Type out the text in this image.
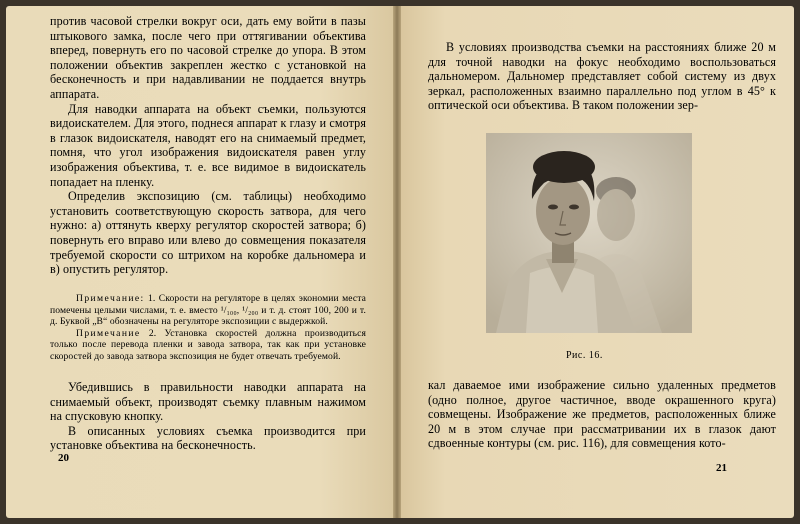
против часовой стрелки вокруг оси, дать ему войти в пазы штыкового замка, после чего при оттягивании объектива вперед, повернуть его по часовой стрелке до упора. В этом положении объектив закреплен жестко с установкой на бесконечность и при надавливании не поддается внутрь аппарата.

Для наводки аппарата на объект съемки, пользуются видоискателем. Для этого, поднеся аппарат к глазу и смотря в глазок видоискателя, наводят его на снимаемый предмет, помня, что угол изображения видоискателя равен углу изображения объектива, т. е. все видимое в видоискатель попадает на пленку.

Определив экспозицию (см. таблицы) необходимо установить соответствующую скорость затвора, для чего нужно: а) оттянуть кверху регулятор скоростей затвора; б) повернуть его вправо или влево до совмещения показателя требуемой скорости со штрихом на коробке дальномера и в) опустить регулятор.

Примечание: 1. Скорости на регуляторе в целях экономии места помечены целыми числами, т. е. вместо ¹/₁₀₀, ¹/₂₀₀ и т. д. стоят 100, 200 и т. д. Буквой „В“ обозначены на регуляторе экспозиции с выдержкой.

Примечание 2. Установка скоростей должна производиться только после перевода пленки и завода затвора, так как при установке скоростей до завода затвора экспозиция не будет отвечать требуемой.

Убедившись в правильности наводки аппарата на снимаемый объект, производят съемку плавным нажимом на спусковую кнопку.

В описанных условиях съемка производится при установке объектива на бесконечность.

20

В условиях производства съемки на расстояниях ближе 20 м для точной наводки на фокус необходимо воспользоваться дальномером. Дальномер представляет собой систему из двух зеркал, расположенных взаимно параллельно под углом в 45° к оптической оси объектива. В таком положении зер-

Рис. 16.

кал даваемое ими изображение сильно удаленных предметов (одно полное, другое частичное, вводе окрашенного круга) совмещены. Изображение же предметов, расположенных ближе 20 м в этом случае при рассматривании их в глазок дают сдвоенные контуры (см. рис. 116), для совмещения кото-

21
